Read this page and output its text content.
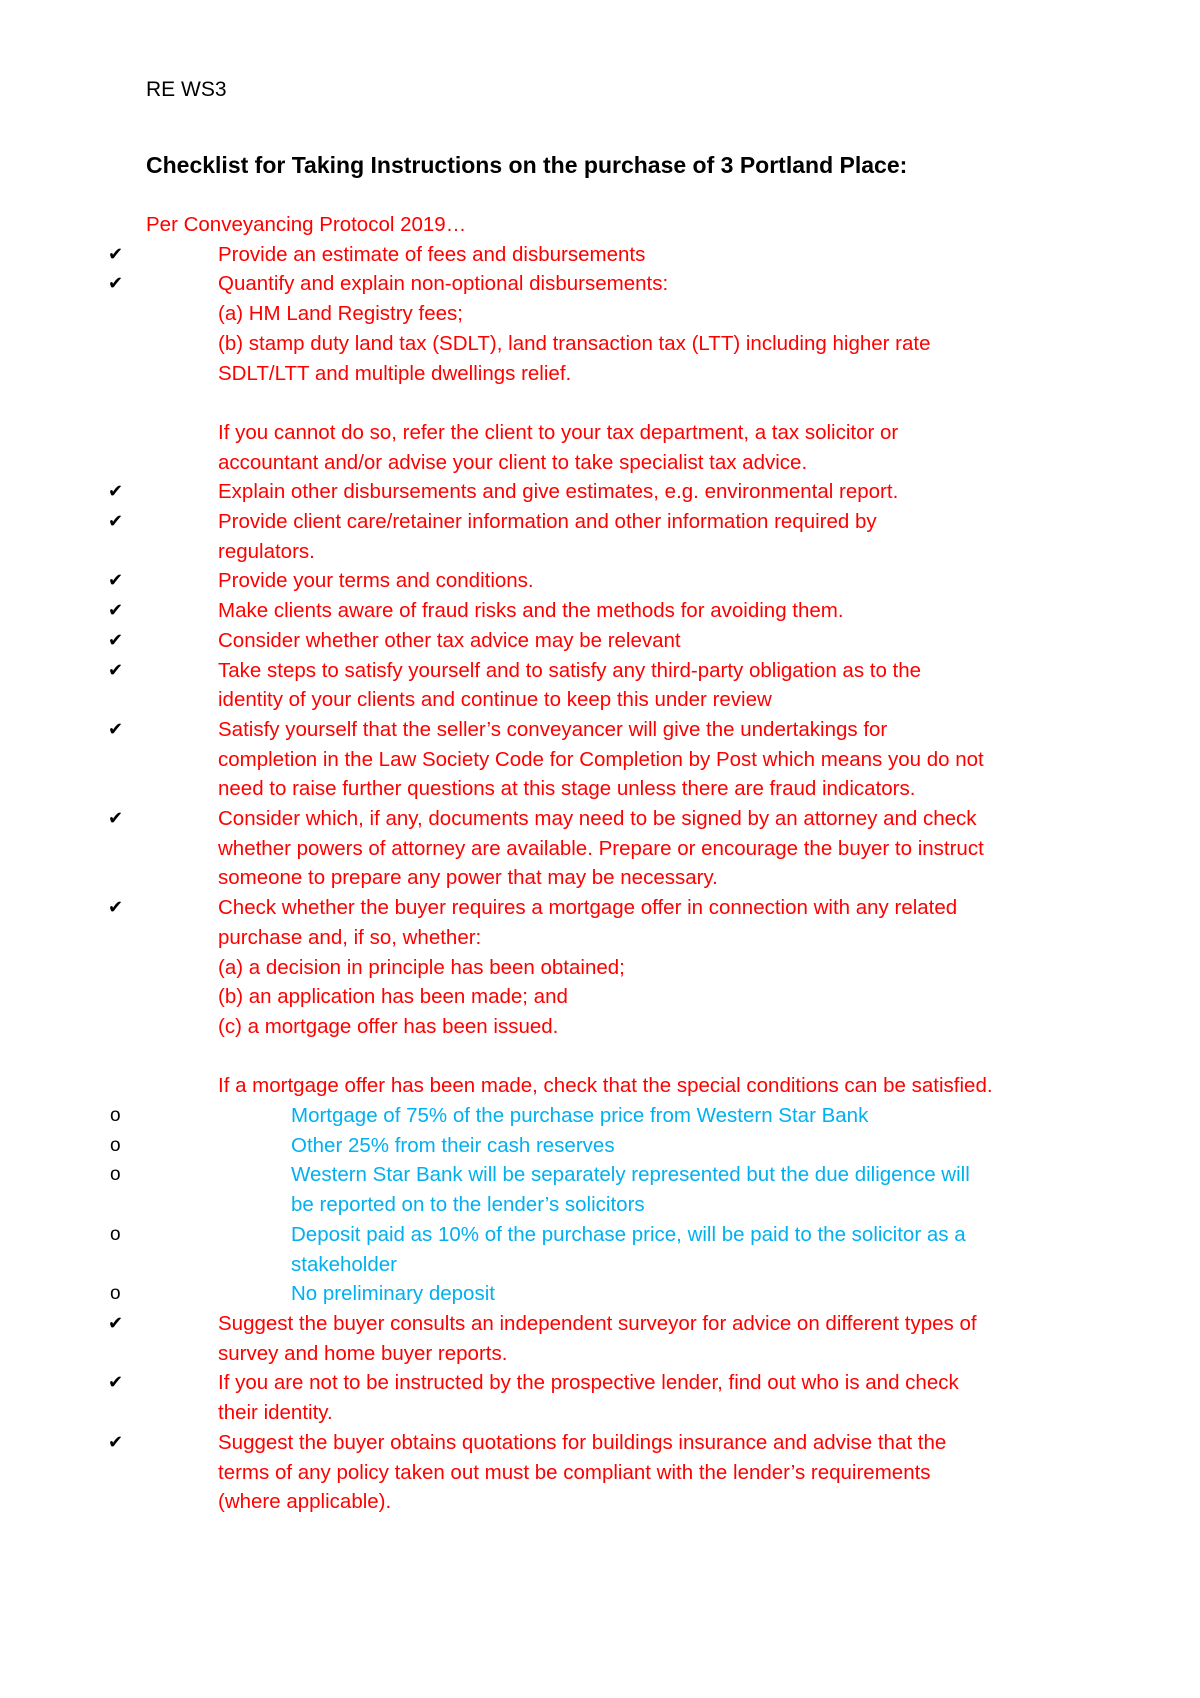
RE WS3
Checklist for Taking Instructions on the purchase of 3 Portland Place:
Per Conveyancing Protocol 2019…
✔	Provide an estimate of fees and disbursements
✔	Quantify and explain non-optional disbursements:
(a) HM Land Registry fees;
(b) stamp duty land tax (SDLT), land transaction tax (LTT) including higher rate
SDLT/LTT and multiple dwellings relief.
If you cannot do so, refer the client to your tax department, a tax solicitor or
accountant and/or advise your client to take specialist tax advice.
✔	Explain other disbursements and give estimates, e.g. environmental report.
✔	Provide client care/retainer information and other information required by
regulators.
✔	Provide your terms and conditions.
✔	Make clients aware of fraud risks and the methods for avoiding them.
✔	Consider whether other tax advice may be relevant
✔	Take steps to satisfy yourself and to satisfy any third-party obligation as to the
identity of your clients and continue to keep this under review
✔	Satisfy yourself that the seller’s conveyancer will give the undertakings for
completion in the Law Society Code for Completion by Post which means you do not
need to raise further questions at this stage unless there are fraud indicators.
✔	Consider which, if any, documents may need to be signed by an attorney and check
whether powers of attorney are available. Prepare or encourage the buyer to instruct
someone to prepare any power that may be necessary.
✔	Check whether the buyer requires a mortgage offer in connection with any related
purchase and, if so, whether:
(a) a decision in principle has been obtained;
(b) an application has been made; and
(c) a mortgage offer has been issued.
If a mortgage offer has been made, check that the special conditions can be satisfied.
o	Mortgage of 75% of the purchase price from Western Star Bank
o	Other 25% from their cash reserves
o	Western Star Bank will be separately represented but the due diligence will
be reported on to the lender’s solicitors
o	Deposit paid as 10% of the purchase price, will be paid to the solicitor as a
stakeholder
o	No preliminary deposit
✔	Suggest the buyer consults an independent surveyor for advice on different types of
survey and home buyer reports.
✔	If you are not to be instructed by the prospective lender, find out who is and check
their identity.
✔	Suggest the buyer obtains quotations for buildings insurance and advise that the
terms of any policy taken out must be compliant with the lender’s requirements
(where applicable).
